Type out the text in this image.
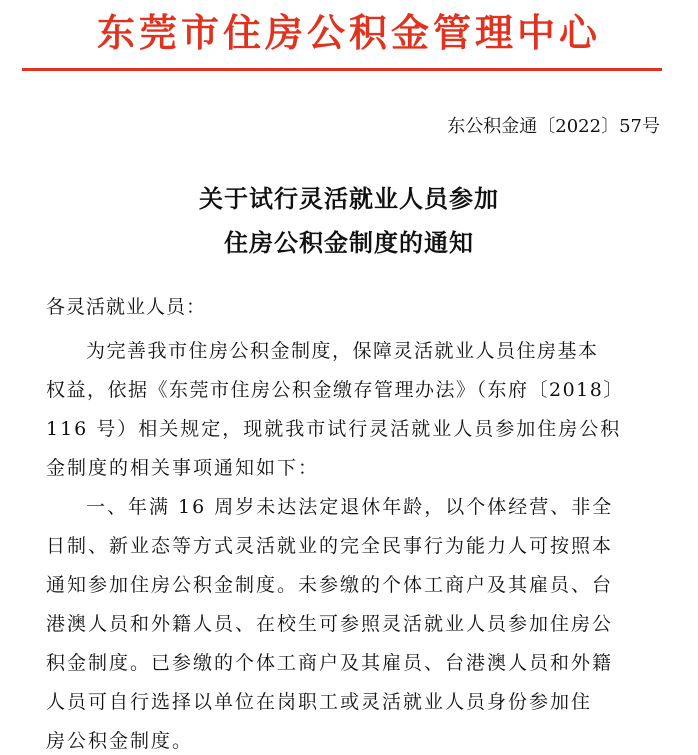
东莞市住房公积金管理中心
东公积金通〔2022〕57号
关于试行灵活就业人员参加
住房公积金制度的通知
各灵活就业人员：
为完善我市住房公积金制度，保障灵活就业人员住房基本
权益，依据《东莞市住房公积金缴存管理办法》（东府〔2018〕
116 号）相关规定，现就我市试行灵活就业人员参加住房公积
金制度的相关事项通知如下：
一、年满 16 周岁未达法定退休年龄，以个体经营、非全
日制、新业态等方式灵活就业的完全民事行为能力人可按照本
通知参加住房公积金制度。未参缴的个体工商户及其雇员、台
港澳人员和外籍人员、在校生可参照灵活就业人员参加住房公
积金制度。已参缴的个体工商户及其雇员、台港澳人员和外籍
人员可自行选择以单位在岗职工或灵活就业人员身份参加住
房公积金制度。
